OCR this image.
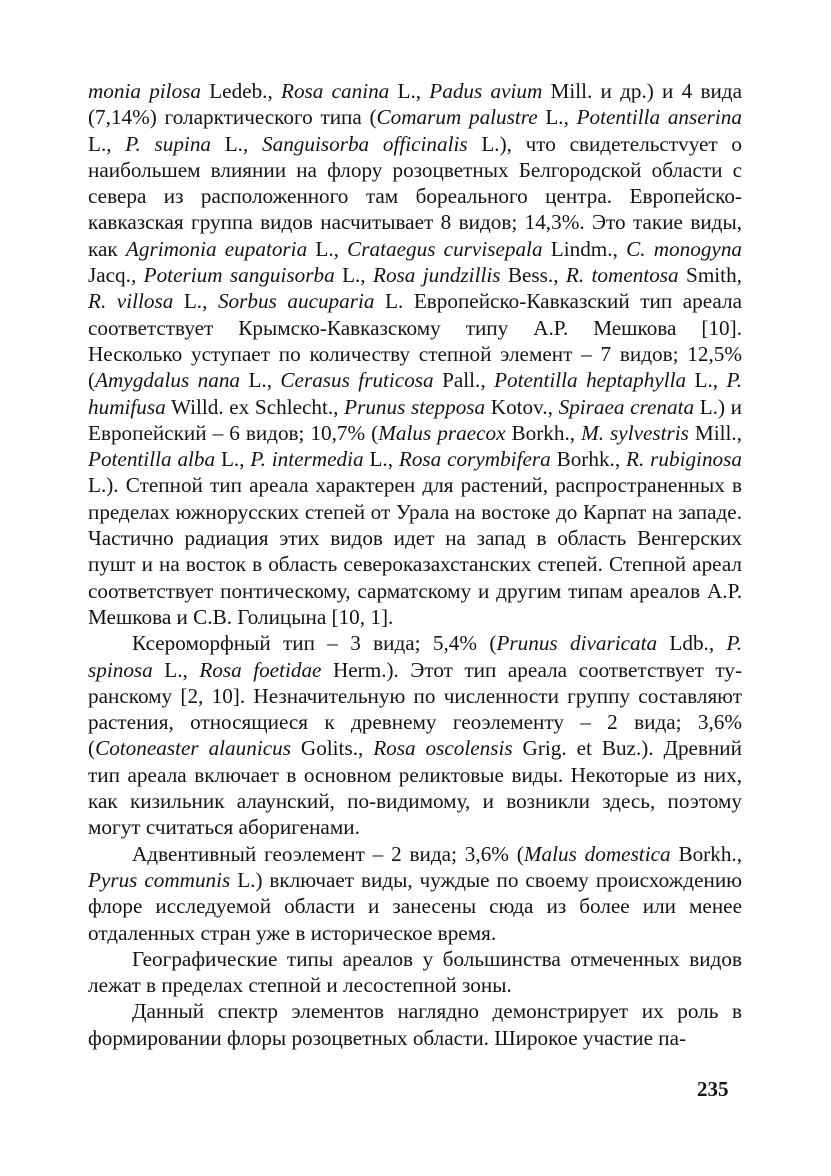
monia pilosa Ledeb., Rosa canina L., Padus avium Mill. и др.) и 4 вида (7,14%) голарктического типа (Comarum palustre L., Potentilla anserina L., P. supina L., Sanguisorba officinalis L.), что свидетельстvует о наибольшем влиянии на флору розоцветных Белгородской области с севера из расположенного там бореального центра. Европейско-кавказская группа видов насчитывает 8 видов; 14,3%. Это такие виды, как Agrimonia eupatoria L., Crataegus curvisepala Lindm., C. monogyna Jacq., Poterium sanguisorba L., Rosa jundzillis Bess., R. tomentosa Smith, R. villosa L., Sorbus aucuparia L. Европейско-Кавказский тип ареала соответствует Крымско-Кавказскому типу А.Р. Мешкова [10]. Несколько уступает по количеству степной элемент – 7 видов; 12,5% (Amygdalus nana L., Cerasus fruticosa Pall., Potentilla heptaphylla L., P. humifusa Willd. ex Schlecht., Prunus stepposa Kotov., Spiraea crenata L.) и Европейский – 6 видов; 10,7% (Malus praecox Borkh., M. sylvestris Mill., Potentilla alba L., P. intermedia L., Rosa corymbifera Borhk., R. rubiginosa L.). Степной тип ареала характерен для растений, распространенных в пределах южнорусских степей от Урала на востоке до Карпат на западе. Частично радиация этих видов идет на запад в область Венгерских пушт и на восток в область североказахстанских степей. Степной ареал соответствует понтическому, сарматскому и другим типам ареалов А.Р. Мешкова и С.В. Голицына [10, 1].

Ксероморфный тип – 3 вида; 5,4% (Prunus divaricata Ldb., P. spinosa L., Rosa foetidae Herm.). Этот тип ареала соответствует туранскому [2, 10]. Незначительную по численности группу составляют растения, относящиеся к древнему геоэлементу – 2 вида; 3,6% (Cotoneaster alaunicus Golits., Rosa oscolensis Grig. et Buz.). Древний тип ареала включает в основном реликтовые виды. Некоторые из них, как кизильник алаунский, по-видимому, и возникли здесь, поэтому могут считаться аборигенами.

Адвентивный геоэлемент – 2 вида; 3,6% (Malus domestica Borkh., Pyrus communis L.) включает виды, чуждые по своему происхождению флоре исследуемой области и занесены сюда из более или менее отдаленных стран уже в историческое время.

Географические типы ареалов у большинства отмеченных видов лежат в пределах степной и лесостепной зоны.

Данный спектр элементов наглядно демонстрирует их роль в формировании флоры розоцветных области. Широкое участие па-

235
